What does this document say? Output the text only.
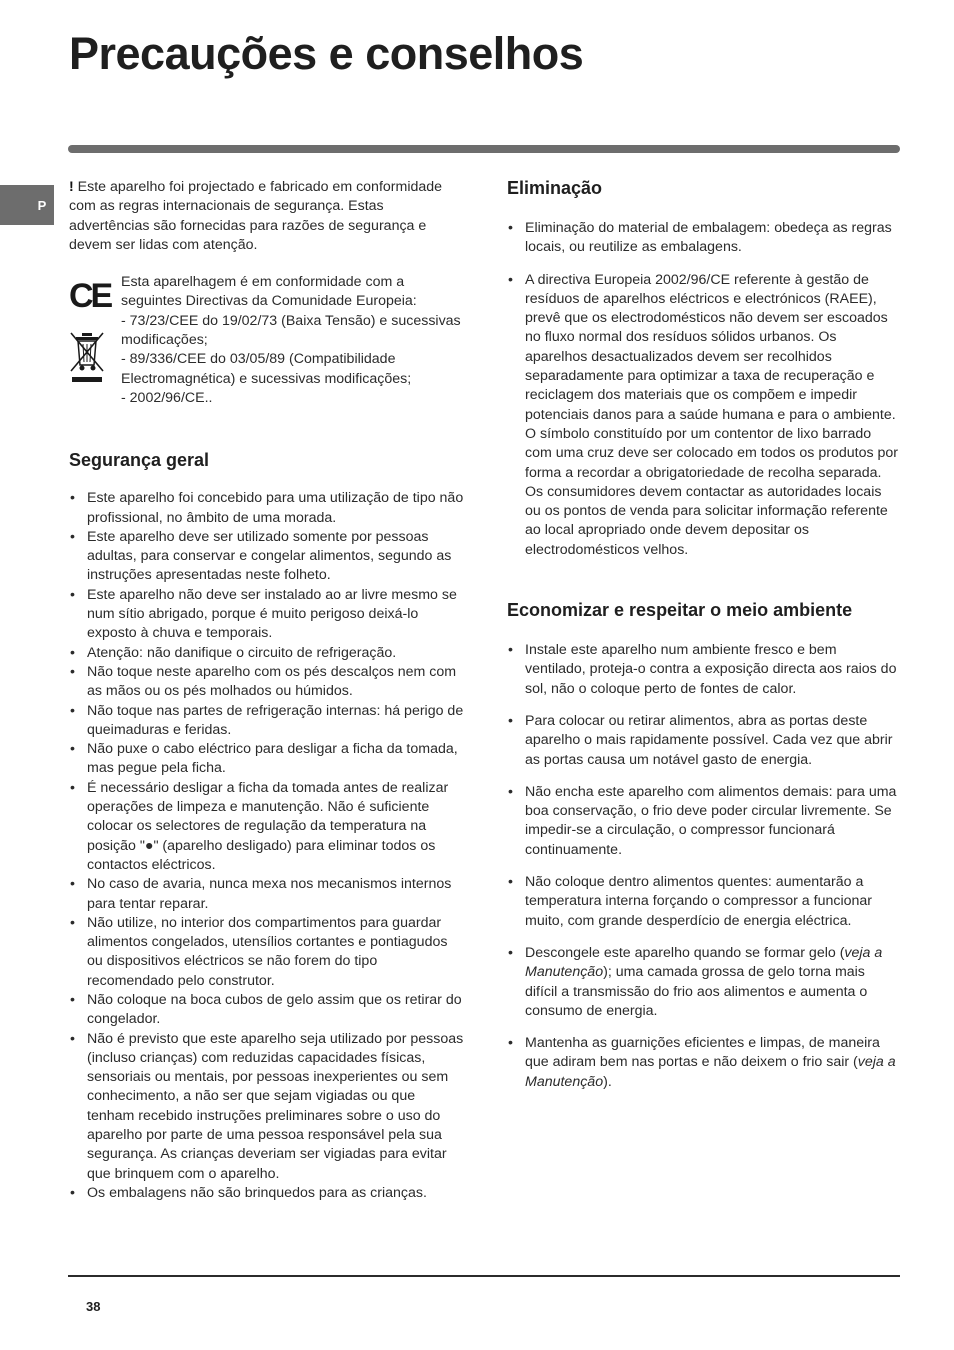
Precauções e conselhos
P

! Este aparelho foi projectado e fabricado em conformidade com as regras internacionais de segurança. Estas advertências são fornecidas para razões de segurança e devem ser lidas com atenção.

CE Esta aparelhagem é em conformidade com a seguintes Directivas da Comunidade Europeia:

- 73/23/CEE do 19/02/73 (Baixa Tensão) e sucessivas modificações;

- 89/336/CEE do 03/05/89 (Compatibilidade Electromagnética) e sucessivas modificações;

- 2002/96/CE..

Segurança geral
• Este aparelho foi concebido para uma utilização de tipo não profissional, no âmbito de uma morada.
• Este aparelho deve ser utilizado somente por pessoas adultas, para conservar e congelar alimentos, segundo as instruções apresentadas neste folheto.
• Este aparelho não deve ser instalado ao ar livre mesmo se num sítio abrigado, porque é muito perigoso deixá-lo exposto à chuva e temporais.
• Atenção: não danifique o circuito de refrigeração.
• Não toque neste aparelho com os pés descalços nem com as mãos ou os pés molhados ou húmidos.
• Não toque nas partes de refrigeração internas: há perigo de queimaduras e feridas.
• Não puxe o cabo eléctrico para desligar a ficha da tomada, mas pegue pela ficha.
• É necessário desligar a ficha da tomada antes de realizar operações de limpeza e manutenção. Não é suficiente colocar os selectores de regulação da temperatura na posição "●" (aparelho desligado) para eliminar todos os contactos eléctricos.
• No caso de avaria, nunca mexa nos mecanismos internos para tentar reparar.
• Não utilize, no interior dos compartimentos para guardar alimentos congelados, utensílios cortantes e pontiagudos ou dispositivos eléctricos se não forem do tipo recomendado pelo construtor.
• Não coloque na boca cubos de gelo assim que os retirar do congelador.
• Não é previsto que este aparelho seja utilizado por pessoas (incluso crianças) com reduzidas capacidades físicas, sensoriais ou mentais, por pessoas inexperientes ou sem conhecimento, a não ser que sejam vigiadas ou que tenham recebido instruções preliminares sobre o uso do aparelho por parte de uma pessoa responsável pela sua segurança. As crianças deveriam ser vigiadas para evitar que brinquem com o aparelho.
• Os embalagens não são brinquedos para as crianças.
Eliminação
• Eliminação do material de embalagem: obedeça as regras locais, ou reutilize as embalagens.
• A directiva Europeia 2002/96/CE referente à gestão de resíduos de aparelhos eléctricos e electrónicos (RAEE), prevê que os electrodomésticos não devem ser escoados no fluxo normal dos resíduos sólidos urbanos. Os aparelhos desactualizados devem ser recolhidos separadamente para optimizar a taxa de recuperação e reciclagem dos materiais que os compõem e impedir potenciais danos para a saúde humana e para o ambiente. O símbolo constituído por um contentor de lixo barrado com uma cruz deve ser colocado em todos os produtos por forma a recordar a obrigatoriedade de recolha separada.
Os consumidores devem contactar as autoridades locais ou os pontos de venda para solicitar informação referente ao local apropriado onde devem depositar os electrodomésticos velhos.
Economizar e respeitar o meio ambiente
• Instale este aparelho num ambiente fresco e bem ventilado, proteja-o contra a exposição directa aos raios do sol, não o coloque perto de fontes de calor.
• Para colocar ou retirar alimentos, abra as portas deste aparelho o mais rapidamente possível. Cada vez que abrir as portas causa um notável gasto de energia.
• Não encha este aparelho com alimentos demais: para uma boa conservação, o frio deve poder circular livremente. Se impedir-se a circulação, o compressor funcionará continuamente.
• Não coloque dentro alimentos quentes: aumentarão a temperatura interna forçando o compressor a funcionar muito, com grande desperdício de energia eléctrica.
• Descongele este aparelho quando se formar gelo (veja a Manutenção); uma camada grossa de gelo torna mais difícil a transmissão do frio aos alimentos e aumenta o consumo de energia.
• Mantenha as guarnições eficientes e limpas, de maneira que adiram bem nas portas e não deixem o frio sair (veja a Manutenção).
38
